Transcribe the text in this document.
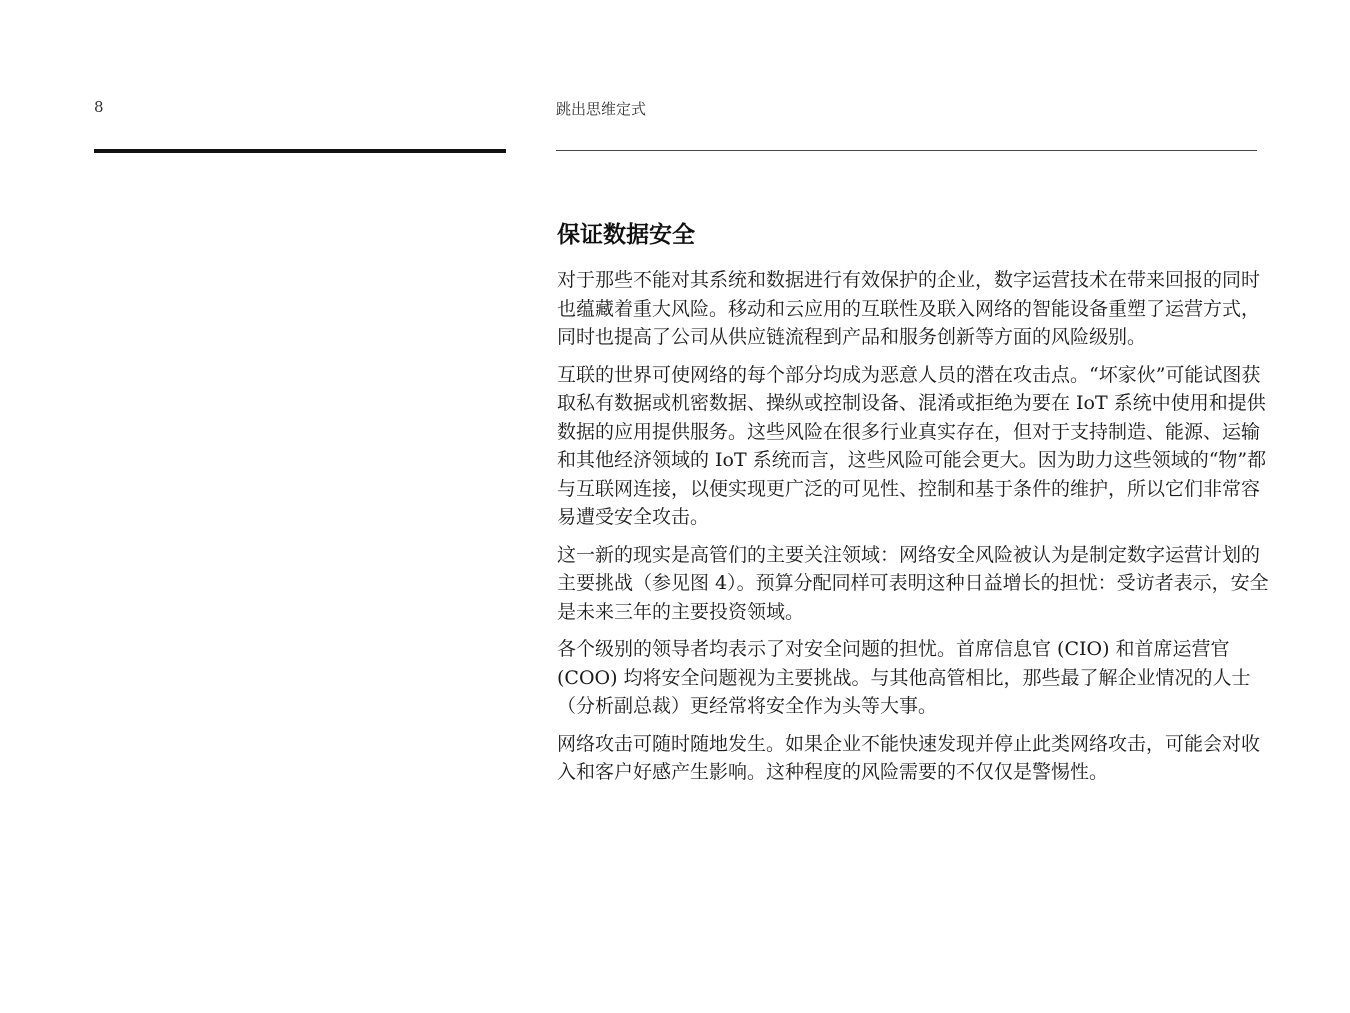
8	跳出思维定式
保证数据安全

对于那些不能对其系统和数据进行有效保护的企业，数字运营技术在带来回报的同时也蕴藏着重大风险。移动和云应用的互联性及联入网络的智能设备重塑了运营方式，同时也提高了公司从供应链流程到产品和服务创新等方面的风险级别。

互联的世界可使网络的每个部分均成为恶意人员的潜在攻击点。“坏家伙”可能试图获取私有数据或机密数据、操纵或控制设备、混淆或拒绝为要在 IoT 系统中使用和提供数据的应用提供服务。这些风险在很多行业真实存在，但对于支持制造、能源、运输和其他经济领域的 IoT 系统而言，这些风险可能会更大。因为助力这些领域的“物”都与互联网连接，以便实现更广泛的可见性、控制和基于条件的维护，所以它们非常容易遭受安全攻击。

这一新的现实是高管们的主要关注领域：网络安全风险被认为是制定数字运营计划的主要挑战（参见图 4）。预算分配同样可表明这种日益增长的担忧：受访者表示，安全是未来三年的主要投资领域。

各个级别的领导者均表示了对安全问题的担忧。首席信息官 (CIO) 和首席运营官 (COO) 均将安全问题视为主要挑战。与其他高管相比，那些最了解企业情况的人士（分析副总裁）更经常将安全作为头等大事。

网络攻击可随时随地发生。如果企业不能快速发现并停止此类网络攻击，可能会对收入和客户好感产生影响。这种程度的风险需要的不仅仅是警惕性。
